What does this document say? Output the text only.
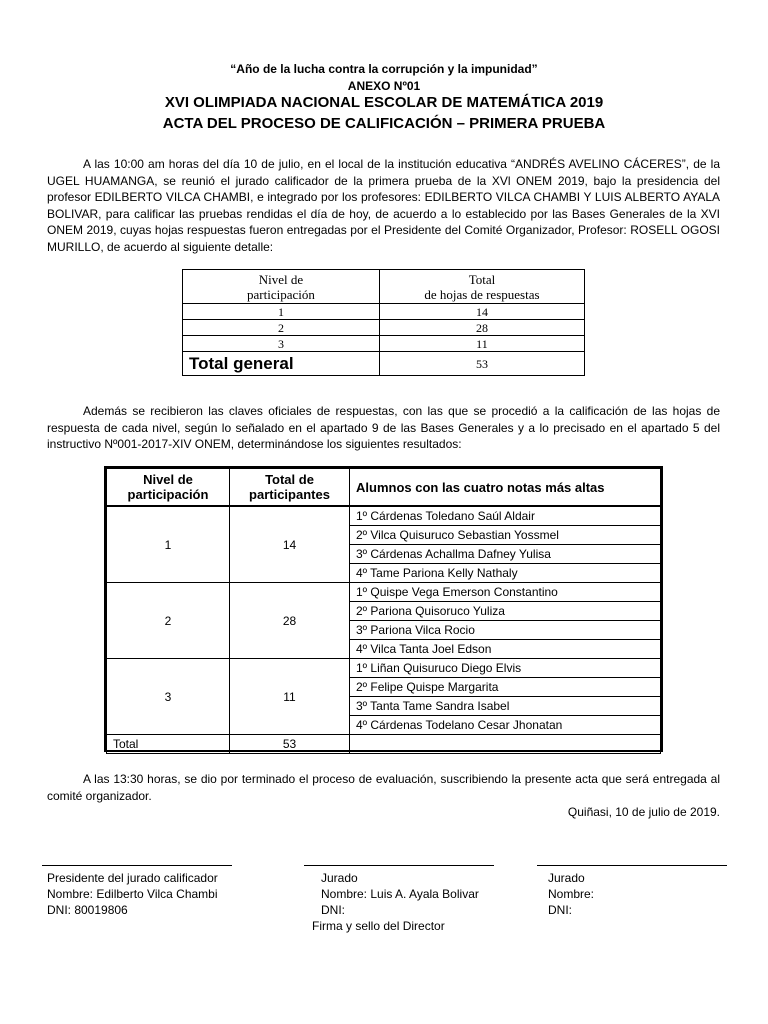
“Año de la lucha contra la corrupción y la impunidad”
ANEXO Nº01
XVI OLIMPIADA NACIONAL ESCOLAR DE MATEMÁTICA 2019
ACTA DEL PROCESO DE CALIFICACIÓN – PRIMERA PRUEBA

A las 10:00 am horas del día 10 de julio, en el local de la institución educativa “ANDRÉS AVELINO CÁCERES”, de la UGEL HUAMANGA, se reunió el jurado calificador de la primera prueba de la XVl ONEM 2019, bajo la presidencia del profesor EDILBERTO VILCA CHAMBI, e integrado por los profesores: EDILBERTO VILCA CHAMBI Y LUIS ALBERTO AYALA BOLIVAR, para calificar las pruebas rendidas el día de hoy, de acuerdo a lo establecido por las Bases Generales de la XVI ONEM 2019, cuyas hojas respuestas fueron entregadas por el Presidente del Comité Organizador, Profesor: ROSELL OGOSI MURILLO, de acuerdo al siguiente detalle:

Nivel de
participación	Total
de hojas de respuestas
1	14
2	28
3	11
Total general	53

Además se recibieron las claves oficiales de respuestas, con las que se procedió a la calificación de las hojas de respuesta de cada nivel, según lo señalado en el apartado 9 de las Bases Generales y a lo precisado en el apartado 5 del instructivo Nº001-2017-XIV ONEM, determinándose los siguientes resultados:

Nivel de
participación	Total de
participantes	Alumnos con las cuatro notas más altas
1	14	1º Cárdenas Toledano Saúl Aldair
		2º Vilca Quisuruco Sebastian Yossmel
		3º Cárdenas Achallma Dafney Yulisa
		4º Tame Pariona Kelly Nathaly
2	28	1º Quispe Vega Emerson Constantino
		2º Pariona Quisoruco Yuliza
		3º Pariona Vilca Rocio
		4º Vilca Tanta Joel Edson
3	11	1º Liñan Quisuruco Diego Elvis
		2º Felipe Quispe Margarita
		3º Tanta Tame Sandra Isabel
		4º Cárdenas Todelano Cesar Jhonatan
Total	53	

A las 13:30 horas, se dio por terminado el proceso de evaluación, suscribiendo la presente acta que será entregada al comité organizador.

Quiñasi, 10 de julio de 2019.
Presidente del jurado calificador
Nombre: Edilberto Vilca Chambi
DNI: 80019806
Jurado
Nombre: Luis A. Ayala Bolivar
DNI:
Firma y sello del Director
Jurado
Nombre:
DNI:
